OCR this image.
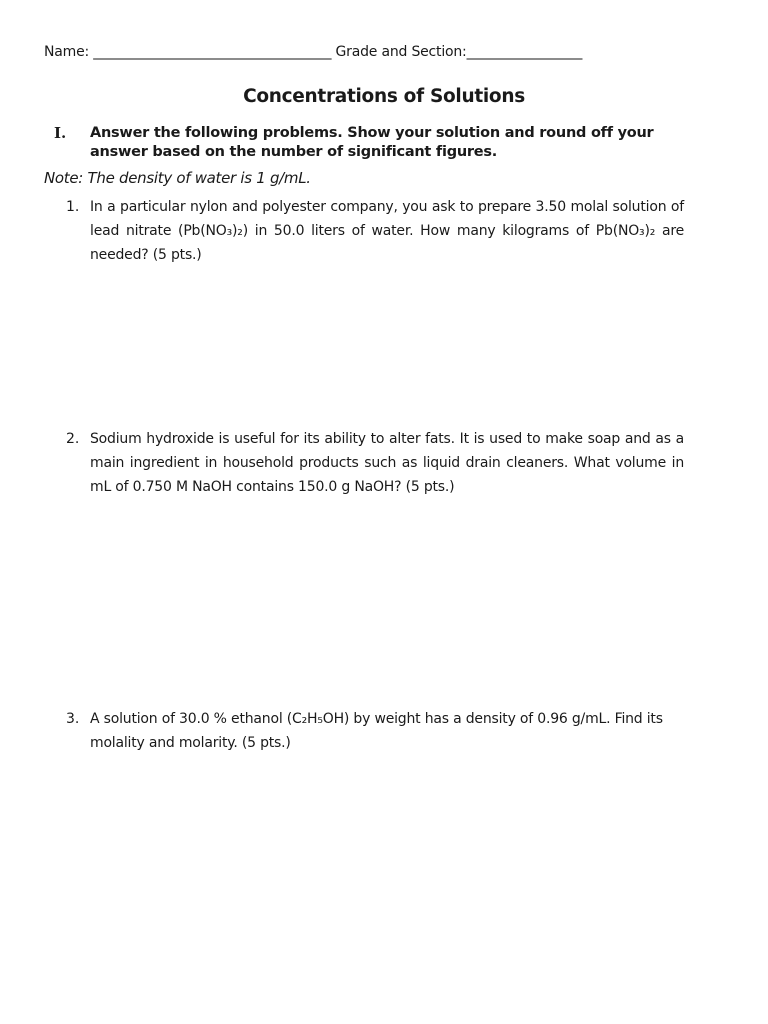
Name: ___________________________________ Grade and Section:_________________
Concentrations of Solutions
I. Answer the following problems. Show your solution and round off your answer based on the number of significant figures.
Note: The density of water is 1 g/mL.
1. In a particular nylon and polyester company, you ask to prepare 3.50 molal solution of lead nitrate (Pb(NO₃)₂) in 50.0 liters of water. How many kilograms of Pb(NO₃)₂ are needed? (5 pts.)
2. Sodium hydroxide is useful for its ability to alter fats. It is used to make soap and as a main ingredient in household products such as liquid drain cleaners. What volume in mL of 0.750 M NaOH contains 150.0 g NaOH? (5 pts.)
3. A solution of 30.0 % ethanol (C₂H₅OH) by weight has a density of 0.96 g/mL. Find its molality and molarity. (5 pts.)
